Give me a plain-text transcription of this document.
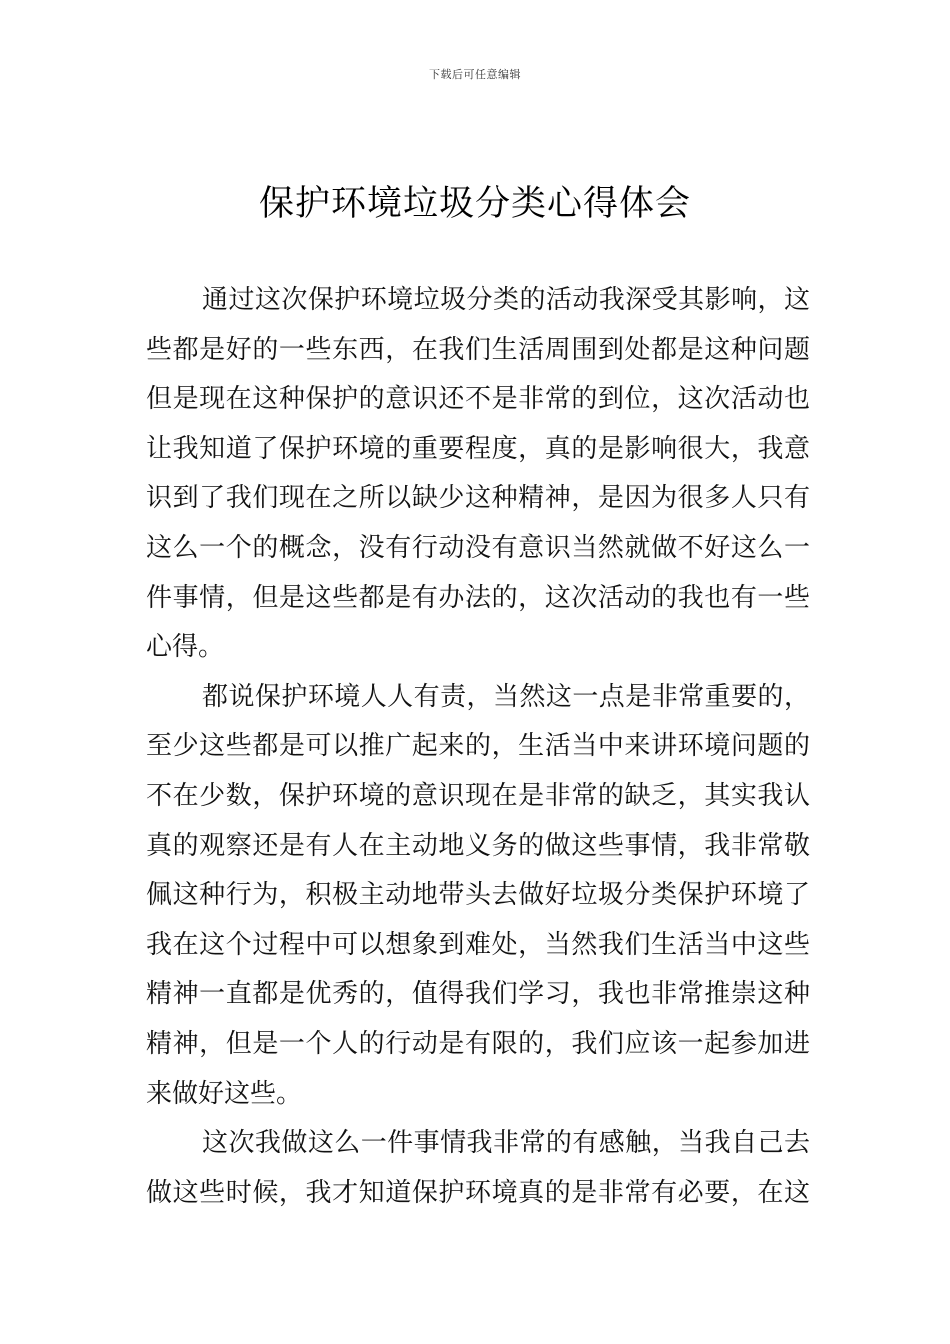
下载后可任意编辑
保护环境垃圾分类心得体会
通过这次保护环境垃圾分类的活动我深受其影响，这
些都是好的一些东西，在我们生活周围到处都是这种问题
但是现在这种保护的意识还不是非常的到位，这次活动也
让我知道了保护环境的重要程度，真的是影响很大，我意
识到了我们现在之所以缺少这种精神，是因为很多人只有
这么一个的概念，没有行动没有意识当然就做不好这么一
件事情，但是这些都是有办法的，这次活动的我也有一些
心得。
都说保护环境人人有责，当然这一点是非常重要的，
至少这些都是可以推广起来的，生活当中来讲环境问题的
不在少数，保护环境的意识现在是非常的缺乏，其实我认
真的观察还是有人在主动地义务的做这些事情，我非常敬
佩这种行为，积极主动地带头去做好垃圾分类保护环境了
我在这个过程中可以想象到难处，当然我们生活当中这些
精神一直都是优秀的，值得我们学习，我也非常推崇这种
精神，但是一个人的行动是有限的，我们应该一起参加进
来做好这些。
这次我做这么一件事情我非常的有感触，当我自己去
做这些时候，我才知道保护环境真的是非常有必要，在这
